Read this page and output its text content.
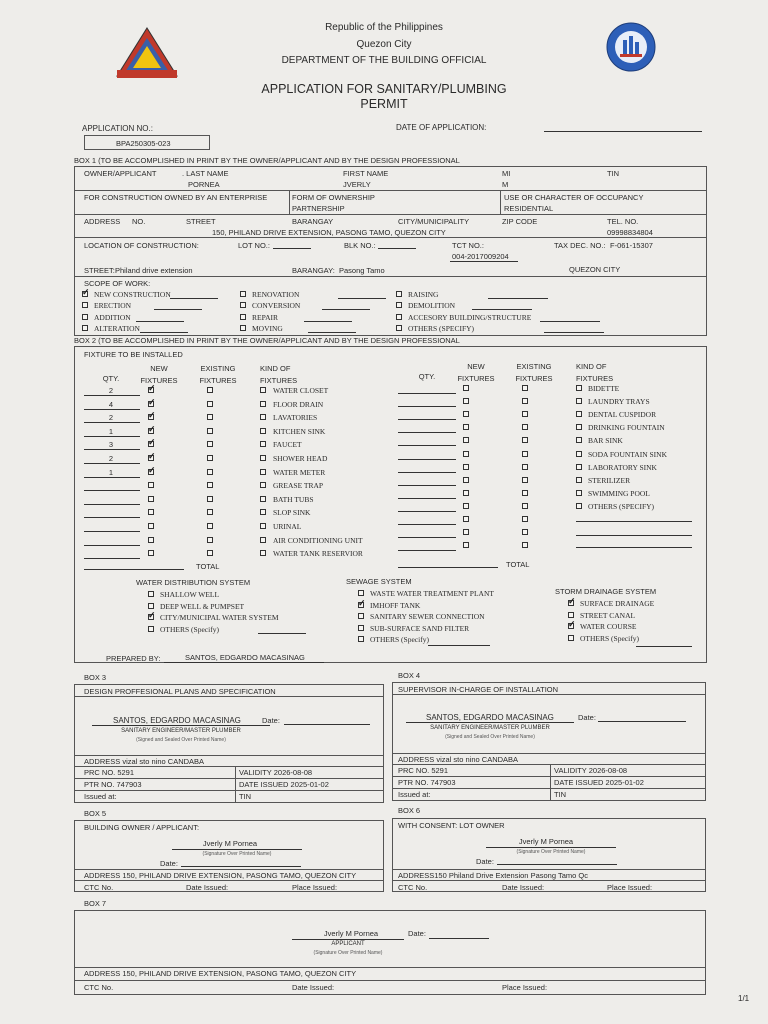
Republic of the Philippines
Quezon City
DEPARTMENT OF THE BUILDING OFFICIAL
APPLICATION FOR SANITARY/PLUMBING
PERMIT
APPLICATION NO.:
BPA250305-023
DATE OF APPLICATION:
BOX 1 (TO BE ACCOMPLISHED IN PRINT BY THE OWNER/APPLICANT AND BY THE DESIGN PROFESSIONAL
OWNER/APPLICANT	. LAST NAME
PORNEA
FIRST NAME
JVERLY
MI
M
TIN
FOR CONSTRUCTION OWNED BY AN ENTERPRISE	FORM OF OWNERSHIP
PARTNERSHIP
USE OR CHARACTER OF OCCUPANCY
RESIDENTIAL
ADDRESS NO.	STREET	BARANGAY	CITY/MUNICIPALITY	ZIP CODE	TEL. NO.
150, PHILAND DRIVE EXTENSION, PASONG TAMO, QUEZON CITY	09998834804
LOCATION OF CONSTRUCTION:	LOT NO.:	BLK NO.:	TCT NO.:
004-2017009204
TAX DEC. NO.: F-061-15307
STREET: Philand drive extension	BARANGAY: Pasong Tamo	QUEZON CITY
SCOPE OF WORK:
✓
NEW CONSTRUCTION
ERECTION
ADDITION
ALTERATION
RENOVATION
CONVERSION
REPAIR
MOVING
RAISING
DEMOLITION
ACCESORY BUILDING/STRUCTURE
OTHERS (SPECIFY)
BOX 2 (TO BE ACCOMPLISHED IN PRINT BY THE OWNER/APPLICANT AND BY THE DESIGN PROFESSIONAL
FIXTURE TO BE INSTALLED
QTY.
NEW FIXTURES
EXISTING FIXTURES
KIND OF FIXTURES	QTY.
NEW FIXTURES
EXISTING FIXTURES
KIND OF FIXTURES
2 ✓	WATER CLOSET
4 ✓	FLOOR DRAIN
2 ✓	LAVATORIES
1 ✓	KITCHEN SINK
3 ✓	FAUCET
2 ✓	SHOWER HEAD
1 ✓	WATER METER
GREASE TRAP
BATH TUBS
SLOP SINK
URINAL
AIR CONDITIONING UNIT
WATER TANK RESERVIOR
BIDETTE
LAUNDRY TRAYS
DENTAL CUSPIDOR
DRINKING FOUNTAIN
BAR SINK
SODA FOUNTAIN SINK
LABORATORY SINK
STERILIZER
SWIMMING POOL
OTHERS (SPECIFY)
TOTAL	TOTAL
WATER DISTRIBUTION SYSTEM	SEWAGE SYSTEM
STORM DRAINAGE SYSTEM
SHALLOW WELL
DEEP WELL & PUMPSET
✓
CITY/MUNICIPAL WATER SYSTEM
OTHERS (Specify)
WASTE WATER TREATMENT PLANT
✓
IMHOFF TANK
SANITARY SEWER CONNECTION
SUB-SURFACE SAND FILTER
OTHERS (Specify)
✓
SURFACE DRAINAGE
STREET CANAL
✓
WATER COURSE
OTHERS (Specify)
PREPARED BY:	SANTOS, EDGARDO MACASINAG
BOX 3
DESIGN PROFFESIONAL PLANS AND SPECIFICATION
SANTOS, EDGARDO MACASINAG	Date:
SANITARY ENGINEER/MASTER PLUMBER
(Signed and Sealed Over Printed Name)
ADDRESS vizal sto nino CANDABA
PRC NO. 5291	VALIDITY 2026-08-08
PTR NO. 747903	DATE ISSUED 2025-01-02
Issued at:	TIN
BOX 4
SUPERVISOR IN-CHARGE OF INSTALLATION
SANTOS, EDGARDO MACASINAG	Date:
SANITARY ENGINEER/MASTER PLUMBER
(Signed and Sealed Over Printed Name)
ADDRESS vizal sto nino CANDABA
PRC NO. 5291	VALIDITY 2026-08-08
PTR NO. 747903	DATE ISSUED 2025-01-02
Issued at:	TIN
BOX 5
BUILDING OWNER / APPLICANT:
Jverly M Pornea
(Signature Over Printed Name)
Date:
ADDRESS 150, PHILAND DRIVE EXTENSION, PASONG TAMO, QUEZON CITY
CTC No.	Date Issued:	Place Issued:
BOX 6
WITH CONSENT: LOT OWNER
Jverly M Pornea
(Signature Over Printed Name)
Date:
ADDRESS150 Philand Drive Extension Pasong Tamo Qc
CTC No.	Date Issued:	Place Issued:
BOX 7
Jverly M Pornea	Date:
APPLICANT
(Signature Over Printed Name)
ADDRESS 150, PHILAND DRIVE EXTENSION, PASONG TAMO, QUEZON CITY
CTC No.	Date Issued:	Place Issued:
1/1
